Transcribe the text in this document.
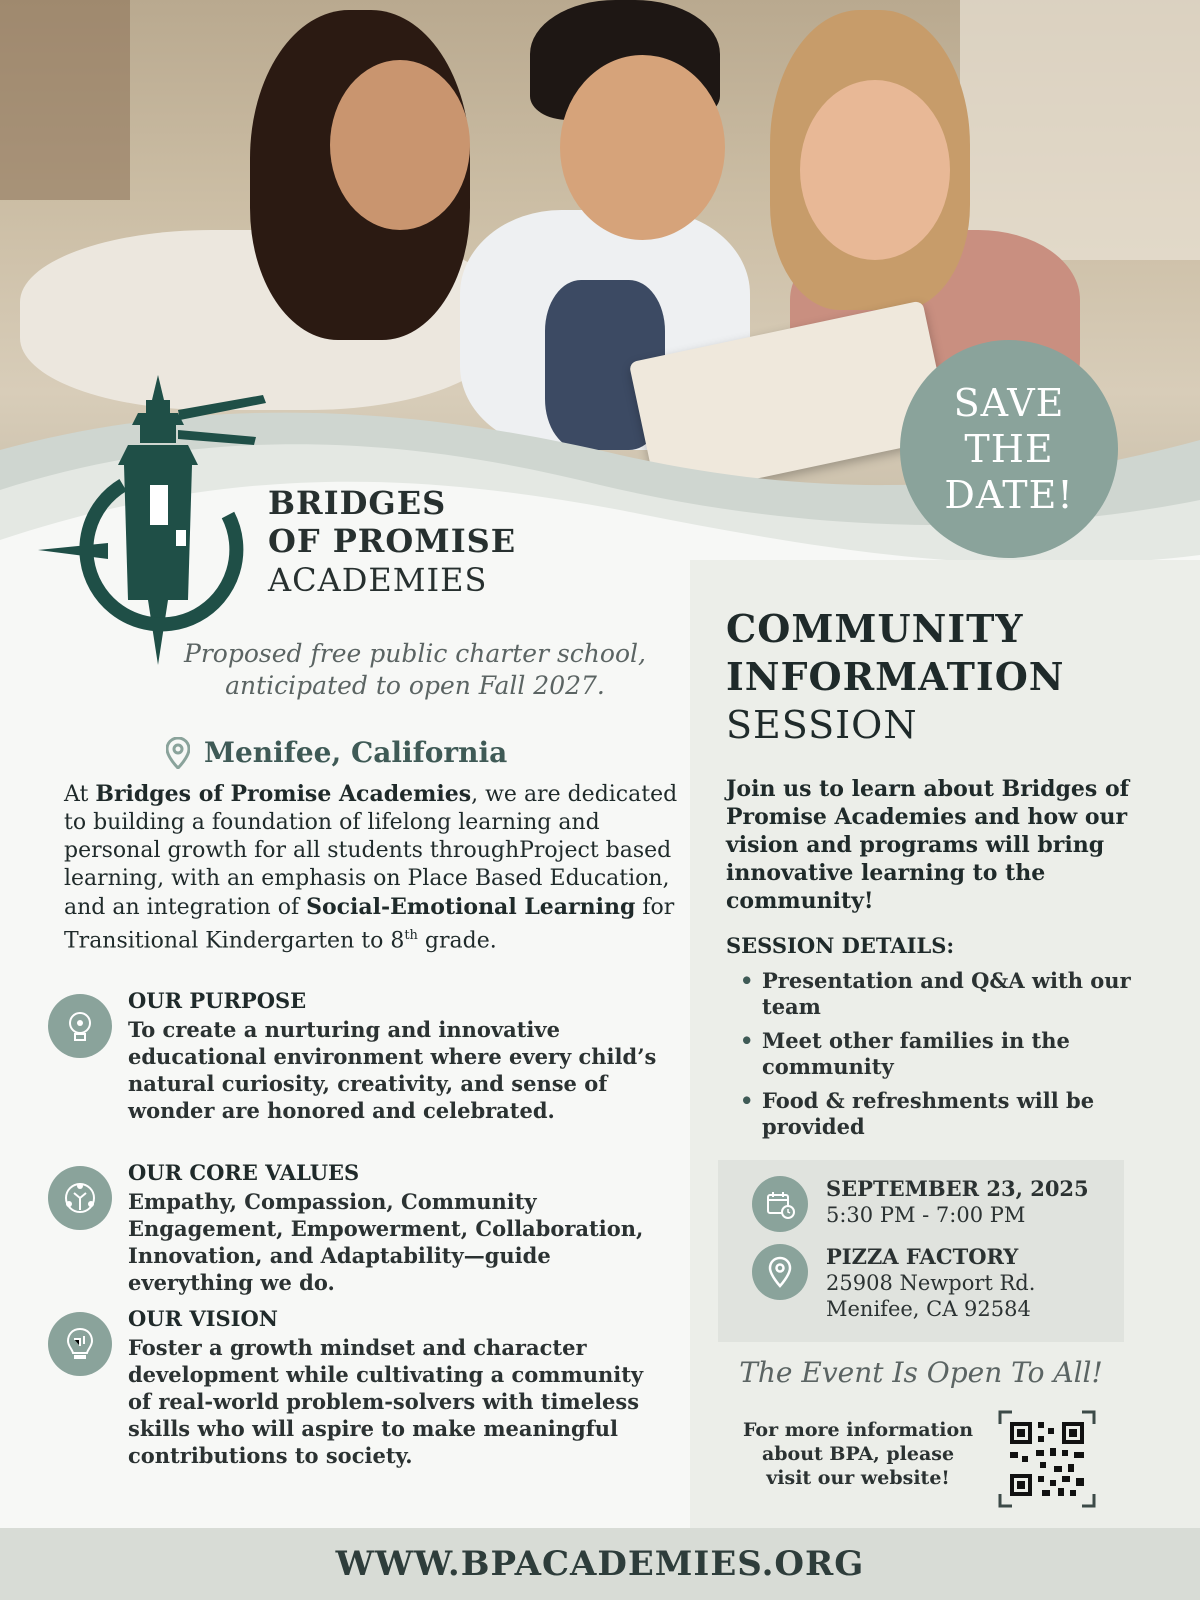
SAVE
THE
DATE!
BRIDGES
OF PROMISE
ACADEMIES
Proposed free public charter school,
anticipated to open Fall 2027.
Menifee, California
At Bridges of Promise Academies, we are dedicated to building a foundation of lifelong learning and personal growth for all students throughProject based learning, with an emphasis on Place Based Education, and an integration of Social-Emotional Learning for Transitional Kindergarten to 8th grade.
OUR PURPOSE
To create a nurturing and innovative educational environment where every child’s natural curiosity, creativity, and sense of wonder are honored and celebrated.
OUR CORE VALUES
Empathy, Compassion, Community Engagement, Empowerment, Collaboration, Innovation, and Adaptability—guide everything we do.
OUR VISION
Foster a growth mindset and character development while cultivating a community of real-world problem-solvers with timeless skills who will aspire to make meaningful contributions to society.
COMMUNITY
INFORMATION
SESSION
Join us to learn about Bridges of Promise Academies and how our vision and programs will bring innovative learning to the community!
SESSION DETAILS:
• Presentation and Q&A with our team
• Meet other families in the community
• Food & refreshments will be provided
SEPTEMBER 23, 2025
5:30 PM - 7:00 PM
PIZZA FACTORY
25908 Newport Rd.
Menifee, CA 92584
The Event Is Open To All!
For more information about BPA, please visit our website!
WWW.BPACADEMIES.ORG
